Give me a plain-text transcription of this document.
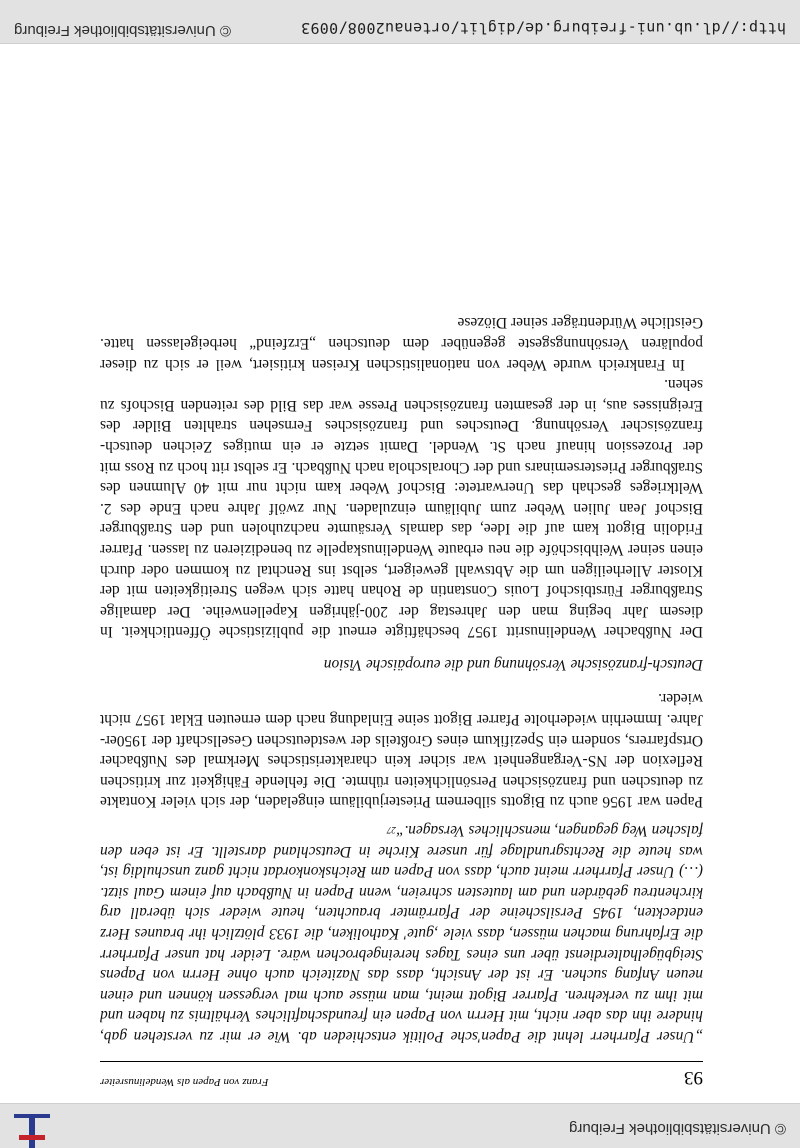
© Universitätsbibliothek Freiburg
93
Franz von Papen als Wendelinusreiter

„Unser Pfarrherr lehnt die Papen'sche Politik entschieden ab. Wie er mir zu verstehen gab, hindere ihn das aber nicht, mit Herrn von Papen ein freundschaftliches Verhältnis zu haben und mit ihm zu verkehren. Pfarrer Bigott meint, man müsse auch mal vergessen können und einen neuen Anfang suchen. Er ist der Ansicht, dass das Naziteich auch ohne Herrn von Papens Steigbügelhalterdienst über uns eines Tages hereingebrochen wäre. Leider hat unser Pfarrherr die Erfahrung machen müssen, dass viele ‚gute' Katholiken, die 1933 plötzlich ihr braunes Herz entdeckten, 1945 Persilscheine der Pfarrämter brauchten, heute wieder sich überall arg kirchentreu gebärden und am lautesten schreien, wenn Papen in Nußbach auf einem Gaul sitzt. (…) Unser Pfarrherr meint auch, dass von Papen am Reichskonkordat nicht ganz unschuldig ist, was heute die Rechtsgrundlage für unsere Kirche in Deutschland darstellt. Er ist eben den falschen Weg gegangen, menschliches Versagen.“$^{27}$

Papen war 1956 auch zu Bigotts silbernem Priesterjubiläum eingeladen, der sich vieler Kontakte zu deutschen und französischen Persönlichkeiten rühmte. Die fehlende Fähigkeit zur kritischen Reflexion der NS-Vergangenheit war sicher kein charakteristisches Merkmal des Nußbacher Ortspfarrers, sondern ein Spezifikum eines Großteils der westdeutschen Gesellschaft der 1950er-Jahre. Immerhin wiederholte Pfarrer Bigott seine Einladung nach dem erneuten Eklat 1957 nicht wieder.

Deutsch-französische Versöhnung und die europäische Vision

Der Nußbacher Wendelinusritt 1957 beschäftigte erneut die publizistische Öffentlichkeit. In diesem Jahr beging man den Jahrestag der 200-jährigen Kapellenweihe. Der damalige Straßburger Fürstbischof Louis Constantin de Rohan hatte sich wegen Streitigkeiten mit der Kloster Allerheiligen um die Abtswahl geweigert, selbst ins Renchtal zu kommen oder durch einen seiner Weihbischöfe die neu erbaute Wendelinuskapelle zu benedizieren zu lassen. Pfarrer Fridolin Bigott kam auf die Idee, das damals Versäumte nachzuholen und den Straßburger Bischof Jean Julien Weber zum Jubiläum einzuladen. Nur zwölf Jahre nach Ende des 2. Weltkrieges geschah das Unerwartete: Bischof Weber kam nicht nur mit 40 Alumnen des Straßburger Priesterseminars und der Choralschola nach Nußbach. Er selbst ritt hoch zu Ross mit der Prozession hinauf nach St. Wendel. Damit setzte er ein mutiges Zeichen deutsch-französischer Versöhnung. Deutsches und französisches Fernsehen strahlten Bilder des Ereignisses aus, in der gesamten französischen Presse war das Bild des reitenden Bischofs zu sehen.

In Frankreich wurde Weber von nationalistischen Kreisen kritisiert, weil er sich zu dieser populären Versöhnungsgeste gegenüber dem deutschen „Erzfeind“ herbeigelassen hatte. Geistliche Würdenträger seiner Diözese

http://dl.ub.uni-freiburg.de/diglit/ortenau2008/0093
© Universitätsbibliothek Freiburg
